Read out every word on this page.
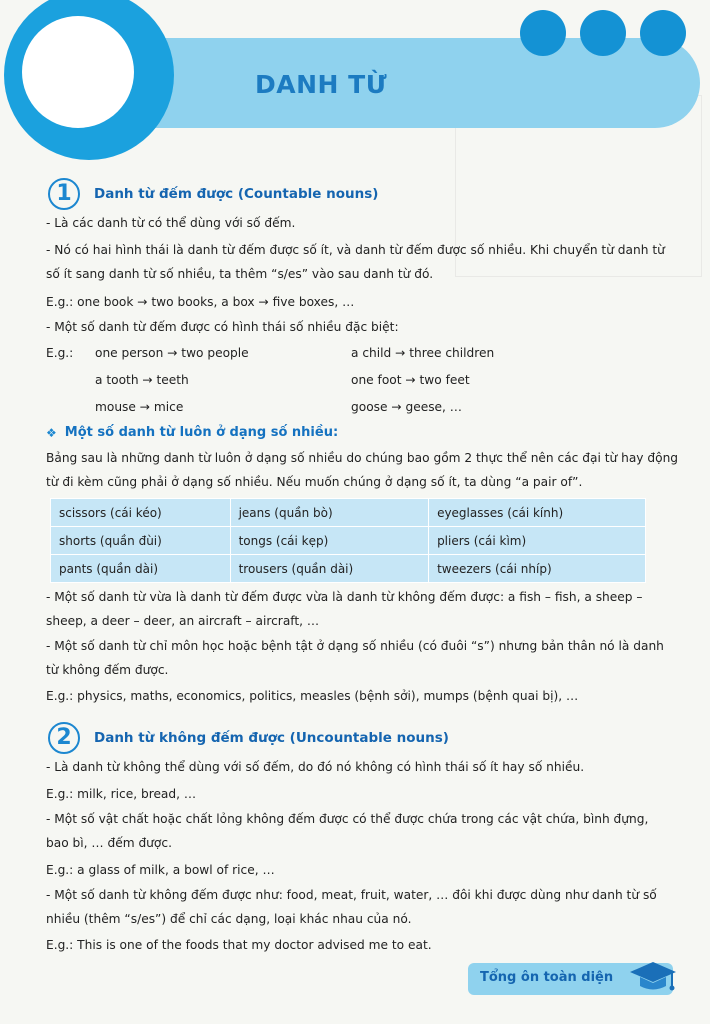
DANH TỪ
1	Danh từ đếm được (Countable nouns)
- Là các danh từ có thể dùng với số đếm.
- Nó có hai hình thái là danh từ đếm được số ít, và danh từ đếm được số nhiều. Khi chuyển từ danh từ
số ít sang danh từ số nhiều, ta thêm “s/es” vào sau danh từ đó.
E.g.: one book → two books, a box → five boxes, …
- Một số danh từ đếm được có hình thái số nhiều đặc biệt:
E.g.: one person → two people	a child → three children
a tooth → teeth	one foot → two feet
mouse → mice	goose → geese, …
❖ Một số danh từ luôn ở dạng số nhiều:
Bảng sau là những danh từ luôn ở dạng số nhiều do chúng bao gồm 2 thực thể nên các đại từ hay động
từ đi kèm cũng phải ở dạng số nhiều. Nếu muốn chúng ở dạng số ít, ta dùng “a pair of”.
scissors (cái kéo)	jeans (quần bò)	eyeglasses (cái kính)
shorts (quần đùi)	tongs (cái kẹp)	pliers (cái kìm)
pants (quần dài)	trousers (quần dài)	tweezers (cái nhíp)
- Một số danh từ vừa là danh từ đếm được vừa là danh từ không đếm được: a fish – fish, a sheep –
sheep, a deer – deer, an aircraft – aircraft, …
- Một số danh từ chỉ môn học hoặc bệnh tật ở dạng số nhiều (có đuôi “s”) nhưng bản thân nó là danh
từ không đếm được.
E.g.: physics, maths, economics, politics, measles (bệnh sởi), mumps (bệnh quai bị), …
2	Danh từ không đếm được (Uncountable nouns)
- Là danh từ không thể dùng với số đếm, do đó nó không có hình thái số ít hay số nhiều.
E.g.: milk, rice, bread, …
- Một số vật chất hoặc chất lỏng không đếm được có thể được chứa trong các vật chứa, bình đựng,
bao bì, … đếm được.
E.g.: a glass of milk, a bowl of rice, …
- Một số danh từ không đếm được như: food, meat, fruit, water, … đôi khi được dùng như danh từ số
nhiều (thêm “s/es”) để chỉ các dạng, loại khác nhau của nó.
E.g.: This is one of the foods that my doctor advised me to eat.
Tổng ôn toàn diện
